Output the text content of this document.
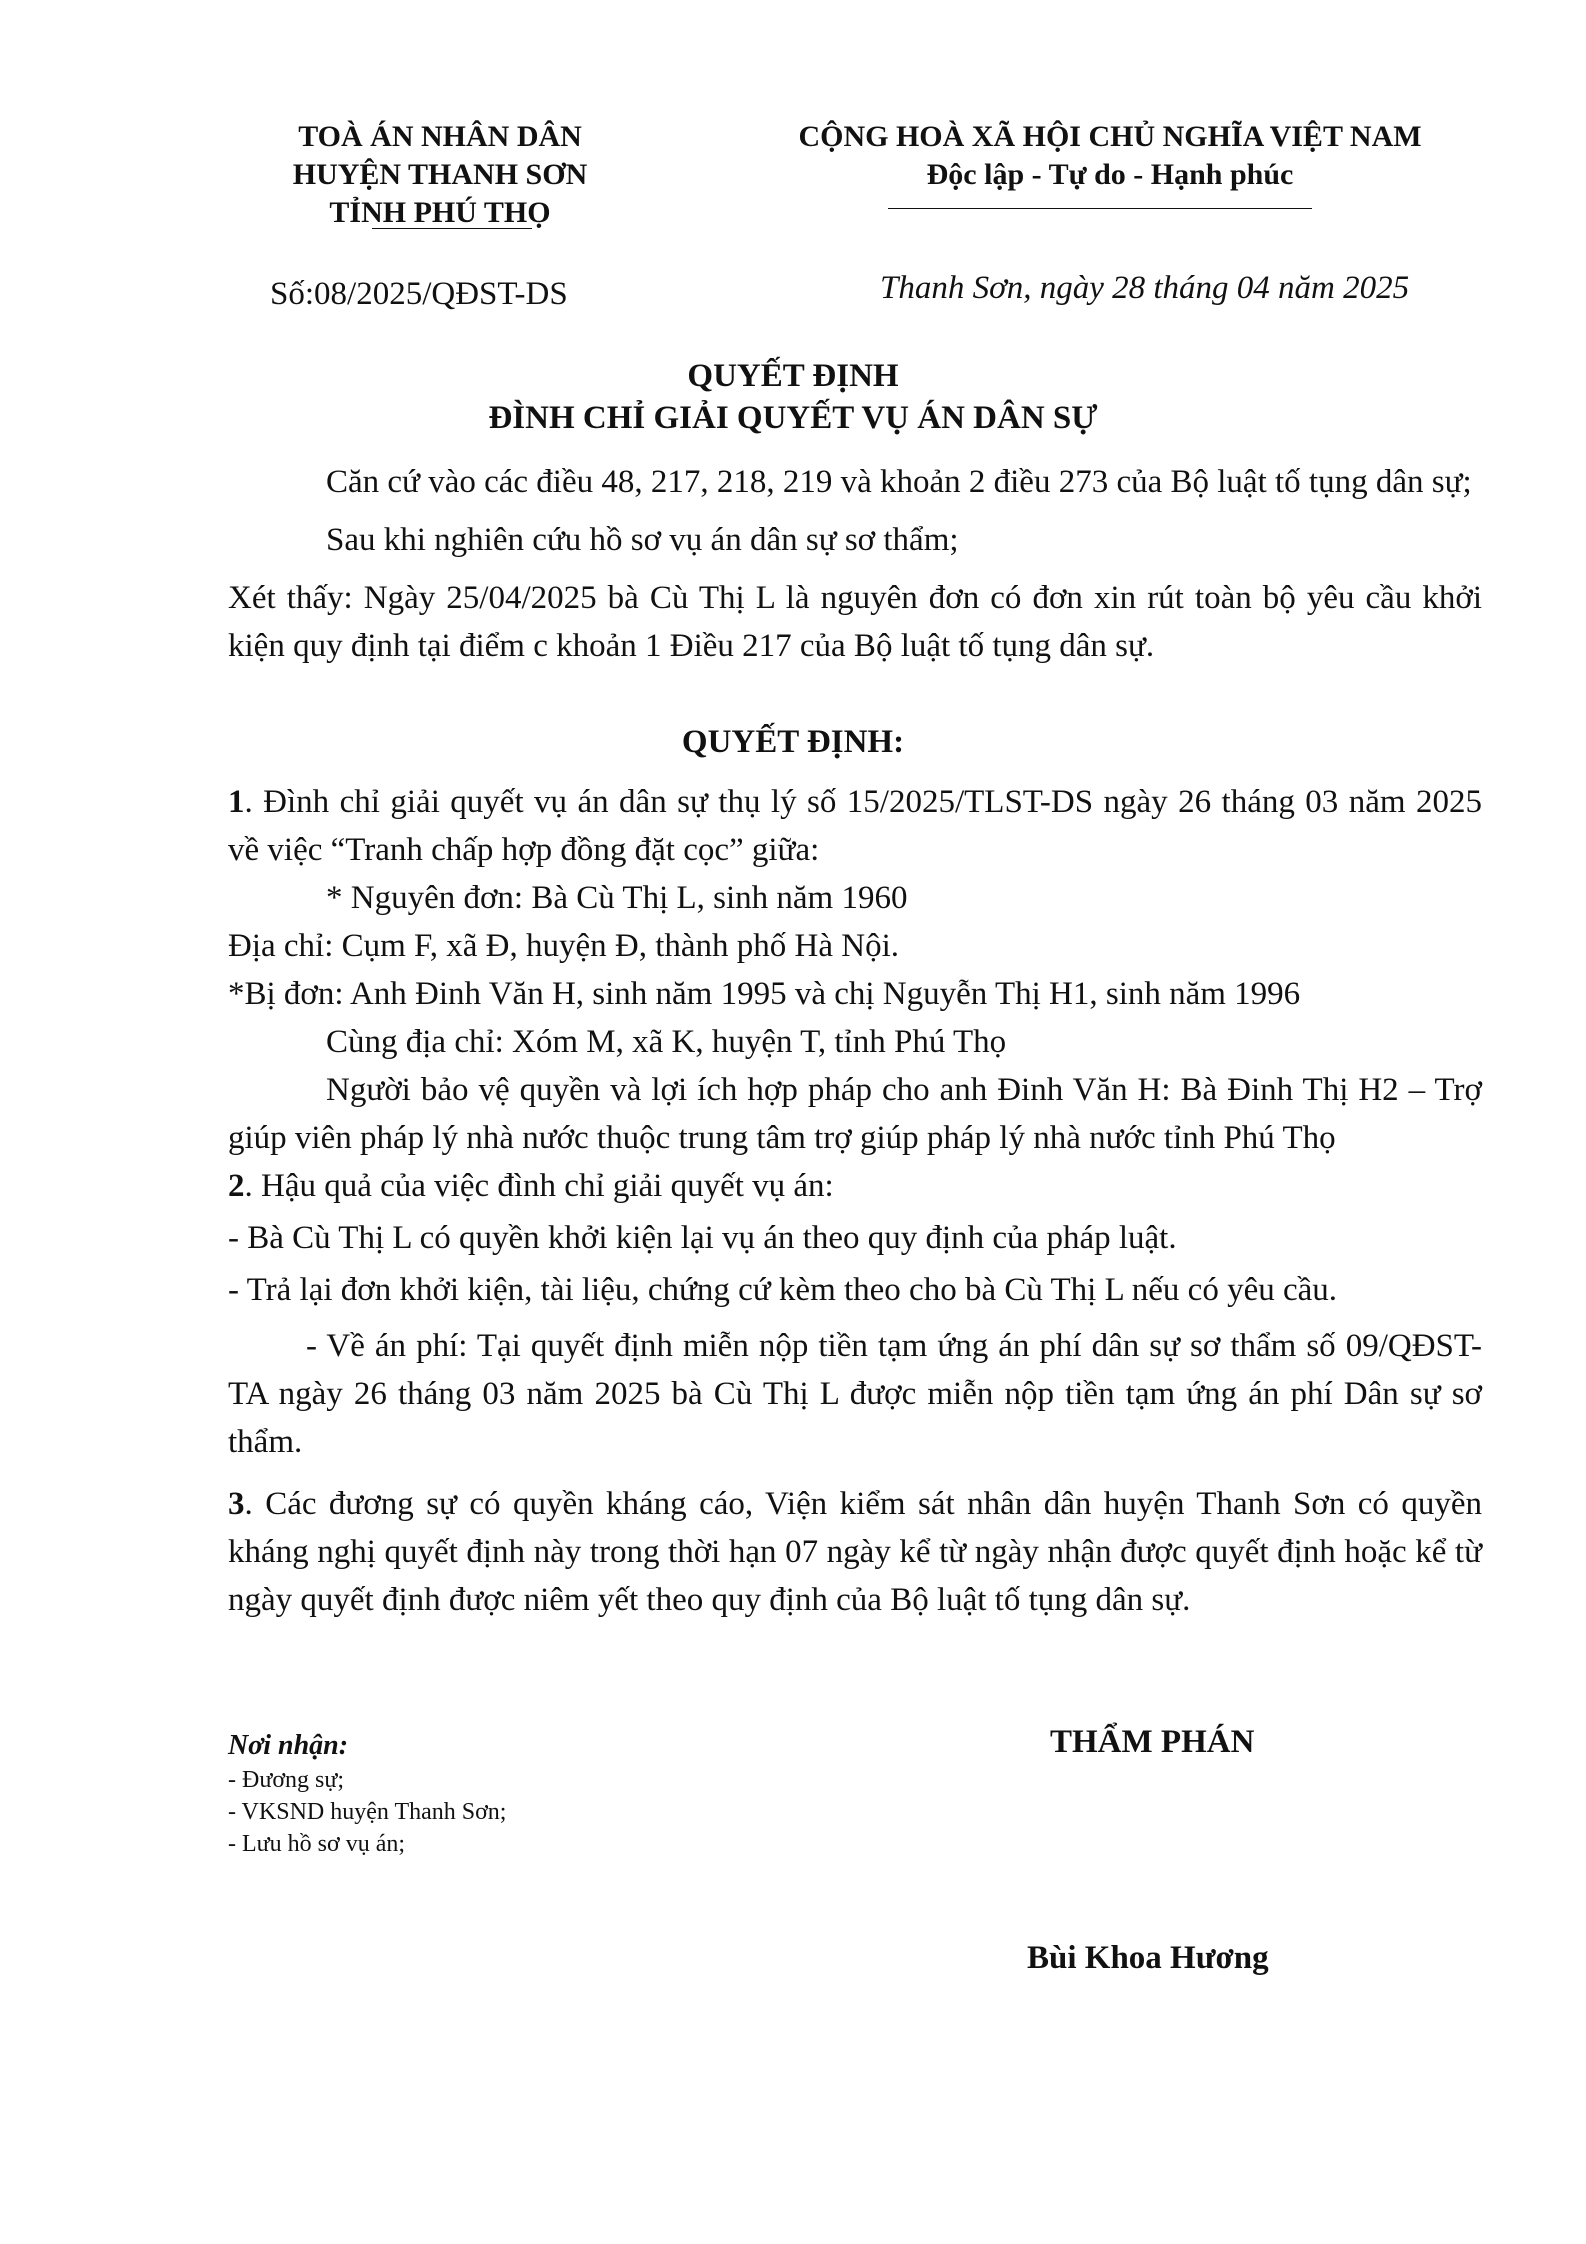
TOÀ ÁN NHÂN DÂN
HUYỆN THANH SƠN
TỈNH PHÚ THỌ
CỘNG HOÀ XÃ HỘI CHỦ NGHĨA VIỆT NAM
Độc lập - Tự do - Hạnh phúc
Số:08/2025/QĐST-DS	Thanh Sơn, ngày 28 tháng 04 năm 2025
QUYẾT ĐỊNH
ĐÌNH CHỈ GIẢI QUYẾT VỤ ÁN DÂN SỰ

Căn cứ vào các điều 48, 217, 218, 219 và khoản 2 điều 273 của Bộ luật tố tụng dân sự;

Sau khi nghiên cứu hồ sơ vụ án dân sự sơ thẩm;

Xét thấy: Ngày 25/04/2025 bà Cù Thị L là nguyên đơn có đơn xin rút toàn bộ yêu cầu khởi kiện quy định tại điểm c khoản 1 Điều 217 của Bộ luật tố tụng dân sự.

QUYẾT ĐỊNH:

1. Đình chỉ giải quyết vụ án dân sự thụ lý số 15/2025/TLST-DS ngày 26 tháng 03 năm 2025 về việc “Tranh chấp hợp đồng đặt cọc” giữa:

* Nguyên đơn: Bà Cù Thị L, sinh năm 1960

Địa chỉ: Cụm F, xã Đ, huyện Đ, thành phố Hà Nội.

*Bị đơn: Anh Đinh Văn H, sinh năm 1995 và chị Nguyễn Thị H1, sinh năm 1996

Cùng địa chỉ: Xóm M, xã K, huyện T, tỉnh Phú Thọ

Người bảo vệ quyền và lợi ích hợp pháp cho anh Đinh Văn H: Bà Đinh Thị H2 – Trợ giúp viên pháp lý nhà nước thuộc trung tâm trợ giúp pháp lý nhà nước tỉnh Phú Thọ

2. Hậu quả của việc đình chỉ giải quyết vụ án:

- Bà Cù Thị L có quyền khởi kiện lại vụ án theo quy định của pháp luật.

- Trả lại đơn khởi kiện, tài liệu, chứng cứ kèm theo cho bà Cù Thị L nếu có yêu cầu.

- Về án phí: Tại quyết định miễn nộp tiền tạm ứng án phí dân sự sơ thẩm số 09/QĐST-TA ngày 26 tháng 03 năm 2025 bà Cù Thị L được miễn nộp tiền tạm ứng án phí Dân sự sơ thẩm.

3. Các đương sự có quyền kháng cáo, Viện kiểm sát nhân dân huyện Thanh Sơn có quyền kháng nghị quyết định này trong thời hạn 07 ngày kể từ ngày nhận được quyết định hoặc kể từ ngày quyết định được niêm yết theo quy định của Bộ luật tố tụng dân sự.

Nơi nhận:
- Đương sự;
- VKSND huyện Thanh Sơn;
- Lưu hồ sơ vụ án;
THẨM PHÁN
Bùi Khoa Hương
